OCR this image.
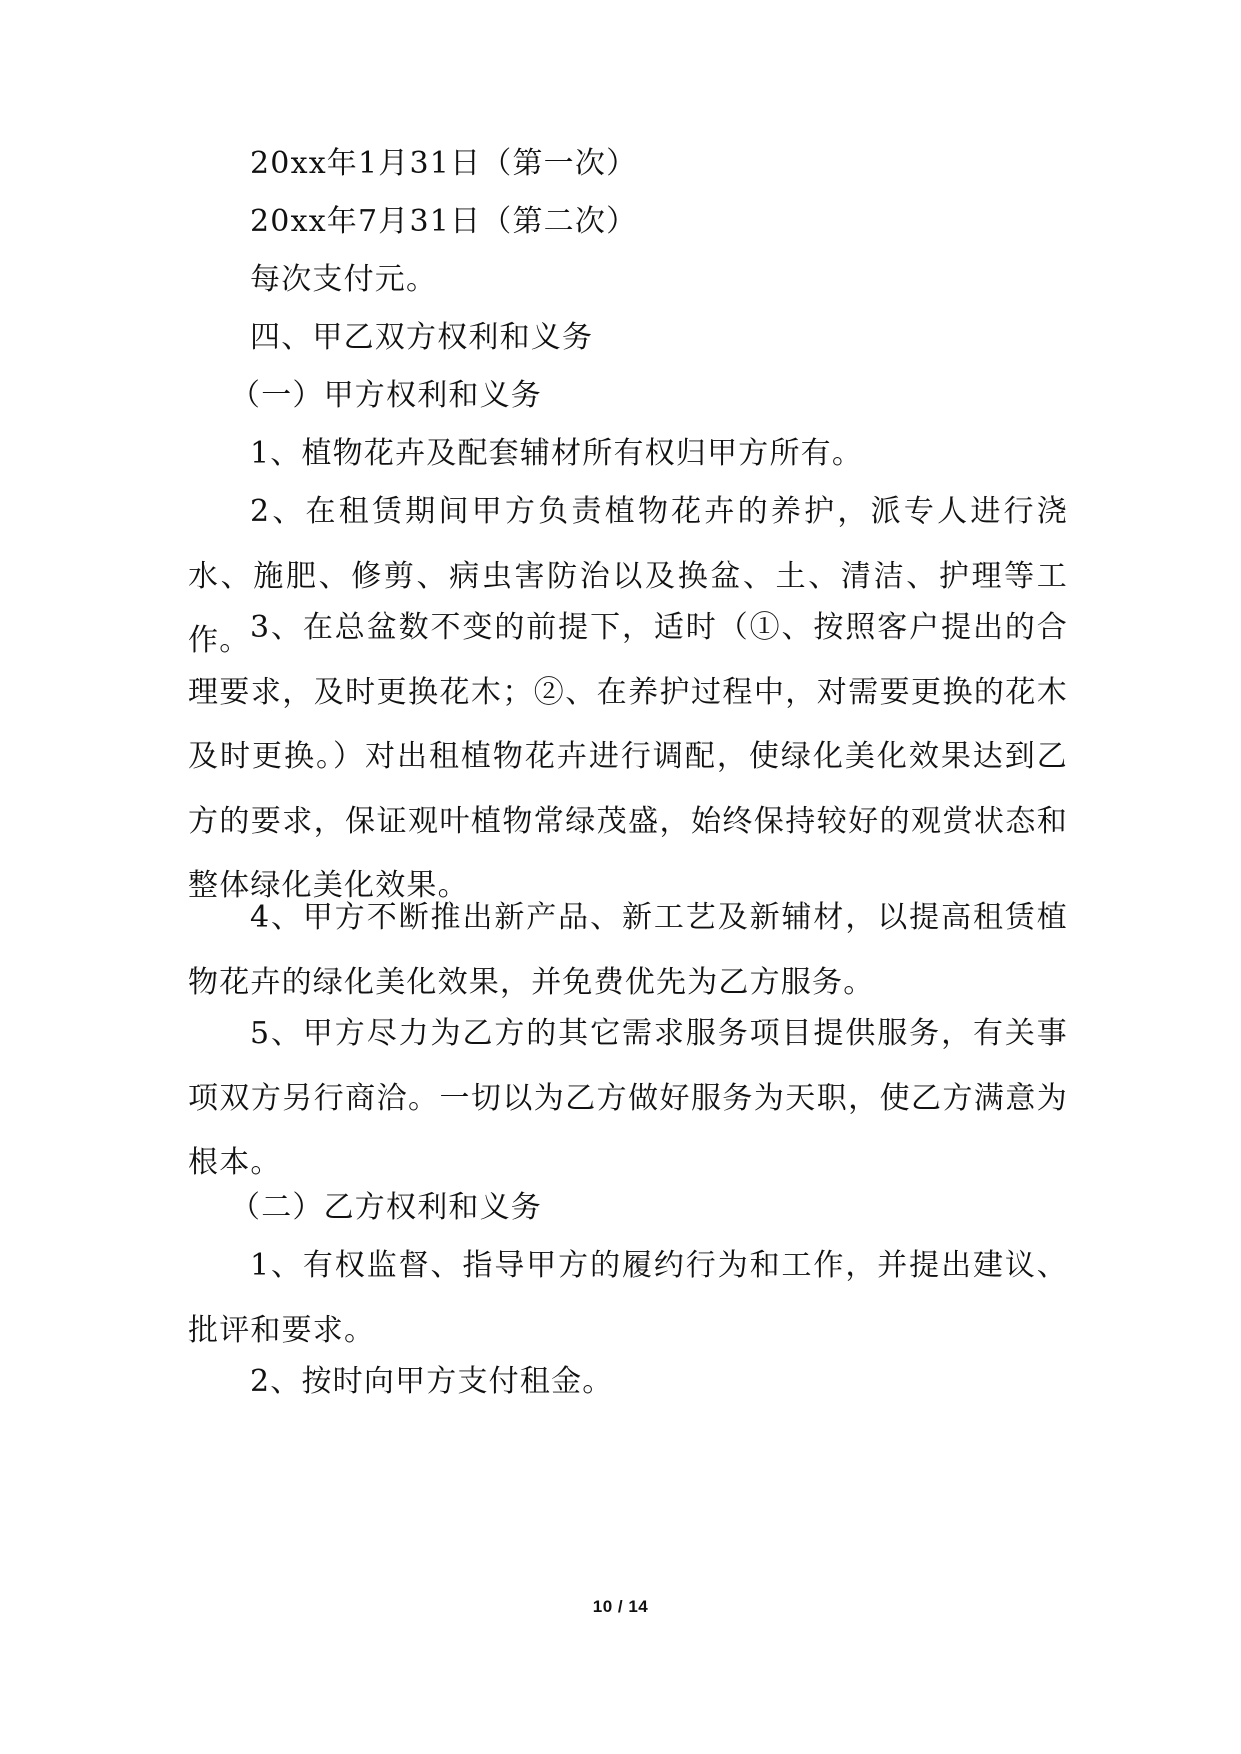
20xx年1月31日（第一次）

20xx年7月31日（第二次）

每次支付元。

四、甲乙双方权利和义务

（一）甲方权利和义务

1、植物花卉及配套辅材所有权归甲方所有。

2、在租赁期间甲方负责植物花卉的养护，派专人进行浇水、施肥、修剪、病虫害防治以及换盆、土、清洁、护理等工作。 3、在总盆数不变的前提下，适时（①、按照客户提出的合理要求，及时更换花木；②、在养护过程中，对需要更换的花木及时更换。）对出租植物花卉进行调配，使绿化美化效果达到乙方的要求，保证观叶植物常绿茂盛，始终保持较好的观赏状态和整体绿化美化效果。

4、甲方不断推出新产品、新工艺及新辅材，以提高租赁植物花卉的绿化美化效果，并免费优先为乙方服务。

5、甲方尽力为乙方的其它需求服务项目提供服务，有关事项双方另行商洽。一切以为乙方做好服务为天职，使乙方满意为根本。

（二）乙方权利和义务

1、有权监督、指导甲方的履约行为和工作，并提出建议、批评和要求。

2、按时向甲方支付租金。

10 / 14
